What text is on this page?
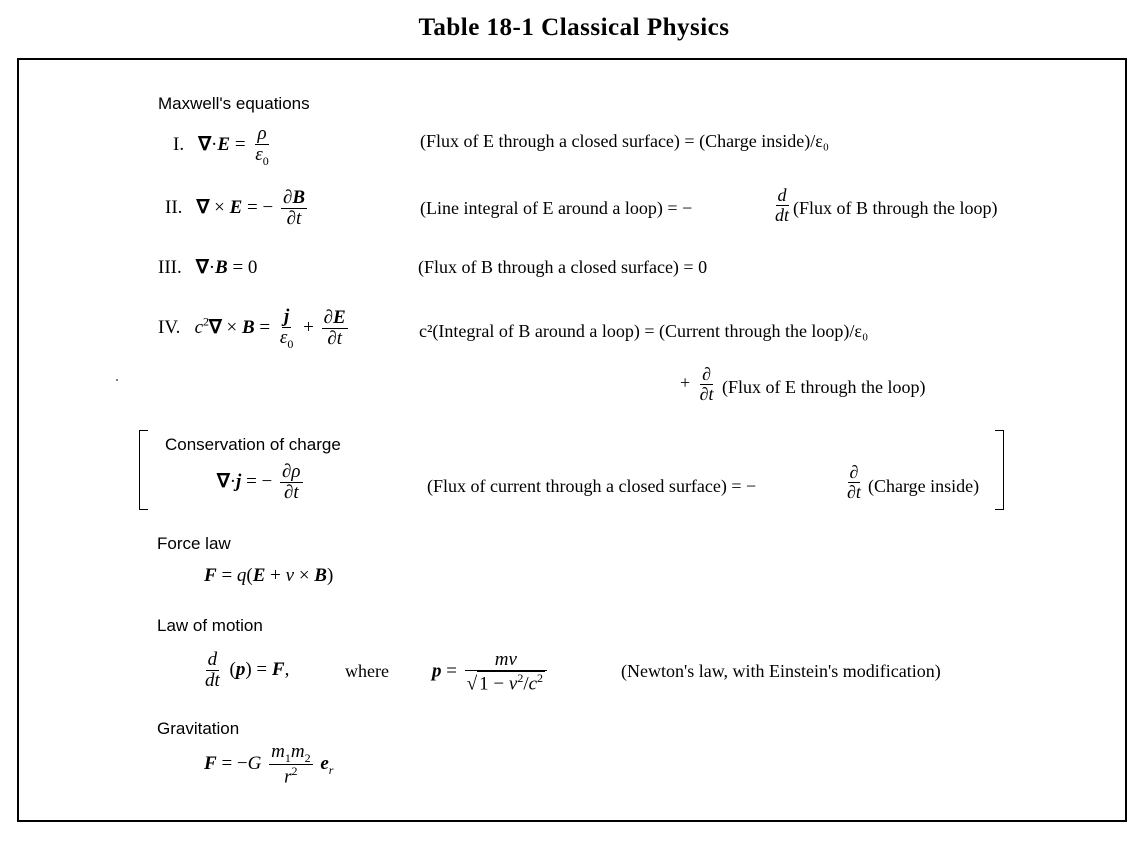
Table 18-1 Classical Physics
Maxwell's equations
I. $\nabla\cdot E = \frac{\rho}{\varepsilon_0}$	(Flux of E through a closed surface) = (Charge inside)/ε₀
II. ∇ × E = − $\frac{\partial B}{\partial t}$	(Line integral of E around a loop) = −	$\frac{d}{dt}$ (Flux of B through the loop)
III. ∇·B = 0	(Flux of B through a closed surface) = 0
IV. $c^2\nabla \times B = \frac{j}{\varepsilon_0} + \frac{\partial E}{\partial t}$	c²(Integral of B around a loop) = (Current through the loop)/ε₀
+ $\frac{\partial}{\partial t}$ (Flux of E through the loop)
Conservation of charge
∇·j = − $\frac{\partial\rho}{\partial t}$	(Flux of current through a closed surface) = −	$\frac{\partial}{\partial t}$ (Charge inside)
Force law
F = q(E + v × B)
Law of motion
$\frac{d}{dt} (p) = F$,	where $p = \frac{mv}{√ 1 - v^2/c^2}$	(Newton's law, with Einstein's modification)
Gravitation
$F = -G \frac{m_1m_2}{r^2} e_r$
